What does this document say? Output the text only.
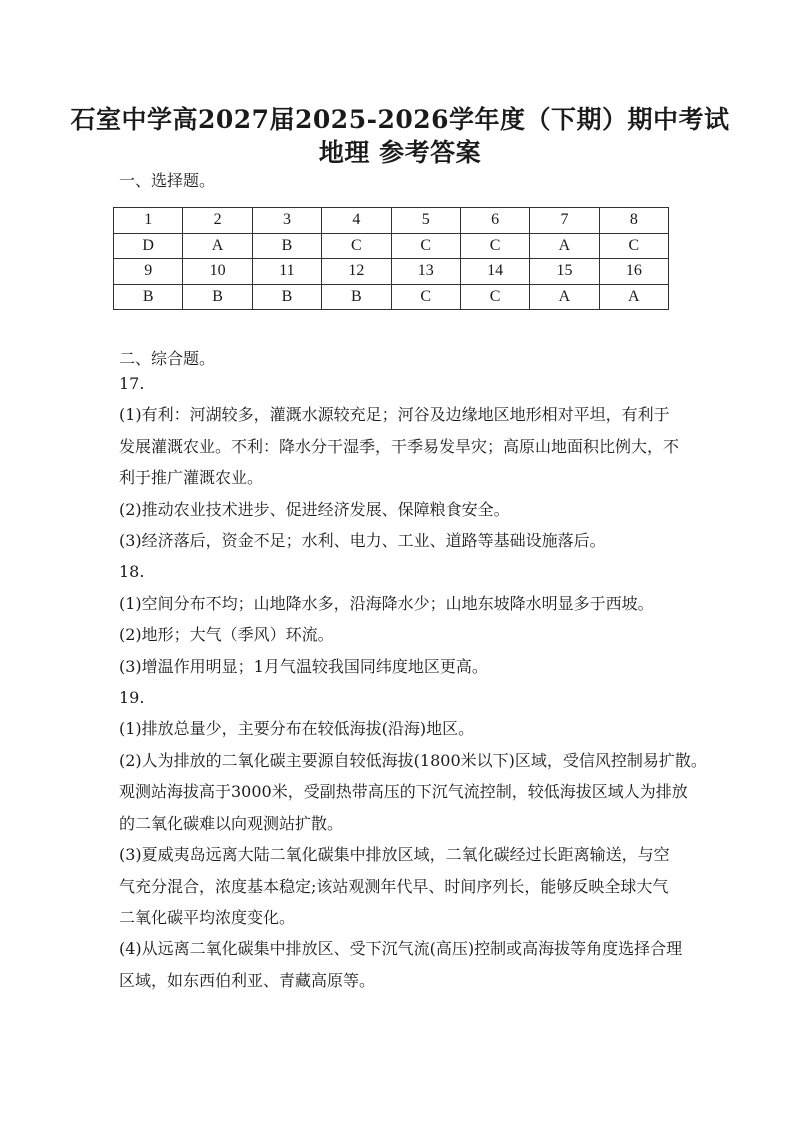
石室中学高2027届2025-2026学年度（下期）期中考试
地理 参考答案
一、选择题。
1	2	3	4	5	6	7	8
D	A	B	C	C	C	A	C
9	10	11	12	13	14	15	16
B	B	B	B	C	C	A	A
二、综合题。

17.

(1)有利：河湖较多，灌溉水源较充足；河谷及边缘地区地形相对平坦，有利于

发展灌溉农业。不利：降水分干湿季，干季易发旱灾；高原山地面积比例大，不

利于推广灌溉农业。

(2)推动农业技术进步、促进经济发展、保障粮食安全。

(3)经济落后，资金不足；水利、电力、工业、道路等基础设施落后。

18.

(1)空间分布不均；山地降水多，沿海降水少；山地东坡降水明显多于西坡。

(2)地形；大气（季风）环流。

(3)增温作用明显；1月气温较我国同纬度地区更高。

19.

(1)排放总量少，主要分布在较低海拔(沿海)地区。

(2)人为排放的二氧化碳主要源自较低海拔(1800米以下)区域，受信风控制易扩散。

观测站海拔高于3000米，受副热带高压的下沉气流控制，较低海拔区域人为排放

的二氧化碳难以向观测站扩散。

(3)夏威夷岛远离大陆二氧化碳集中排放区域，二氧化碳经过长距离输送，与空

气充分混合，浓度基本稳定;该站观测年代早、时间序列长，能够反映全球大气

二氧化碳平均浓度变化。

(4)从远离二氧化碳集中排放区、受下沉气流(高压)控制或高海拔等角度选择合理

区域，如东西伯利亚、青藏高原等。
